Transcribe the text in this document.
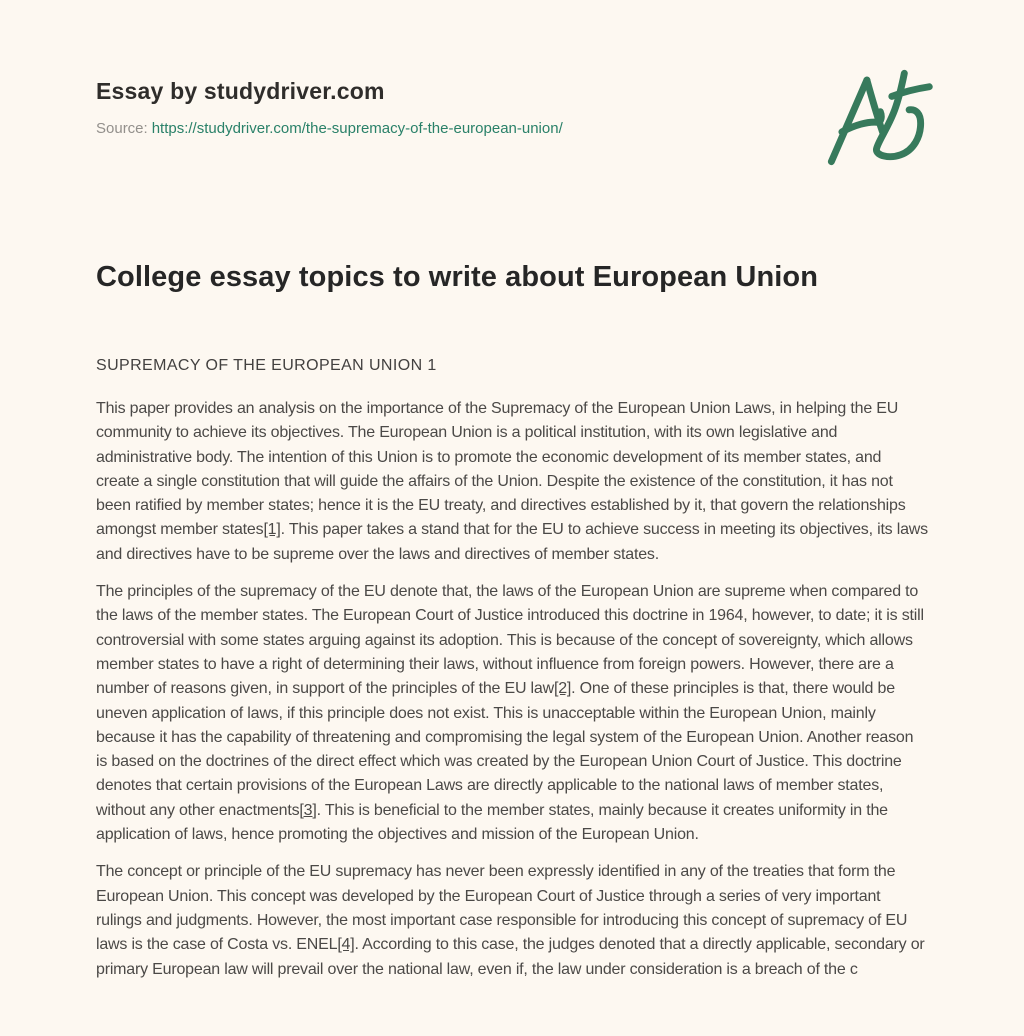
Essay by studydriver.com
Source: https://studydriver.com/the-supremacy-of-the-european-union/
College essay topics to write about European Union
SUPREMACY OF THE EUROPEAN UNION 1

This paper provides an analysis on the importance of the Supremacy of the European Union Laws, in helping the EU community to achieve its objectives. The European Union is a political institution, with its own legislative and administrative body. The intention of this Union is to promote the economic development of its member states, and create a single constitution that will guide the affairs of the Union. Despite the existence of the constitution, it has not been ratified by member states; hence it is the EU treaty, and directives established by it, that govern the relationships amongst member states[1]. This paper takes a stand that for the EU to achieve success in meeting its objectives, its laws and directives have to be supreme over the laws and directives of member states.

The principles of the supremacy of the EU denote that, the laws of the European Union are supreme when compared to the laws of the member states. The European Court of Justice introduced this doctrine in 1964, however, to date; it is still controversial with some states arguing against its adoption. This is because of the concept of sovereignty, which allows member states to have a right of determining their laws, without influence from foreign powers. However, there are a number of reasons given, in support of the principles of the EU law[2]. One of these principles is that, there would be uneven application of laws, if this principle does not exist. This is unacceptable within the European Union, mainly because it has the capability of threatening and compromising the legal system of the European Union. Another reason is based on the doctrines of the direct effect which was created by the European Union Court of Justice. This doctrine denotes that certain provisions of the European Laws are directly applicable to the national laws of member states, without any other enactments[3]. This is beneficial to the member states, mainly because it creates uniformity in the application of laws, hence promoting the objectives and mission of the European Union.

The concept or principle of the EU supremacy has never been expressly identified in any of the treaties that form the European Union. This concept was developed by the European Court of Justice through a series of very important rulings and judgments. However, the most important case responsible for introducing this concept of supremacy of EU laws is the case of Costa vs. ENEL[4]. According to this case, the judges denoted that a directly applicable, secondary or primary European law will prevail over the national law, even if, the law under consideration is a breach of the c
